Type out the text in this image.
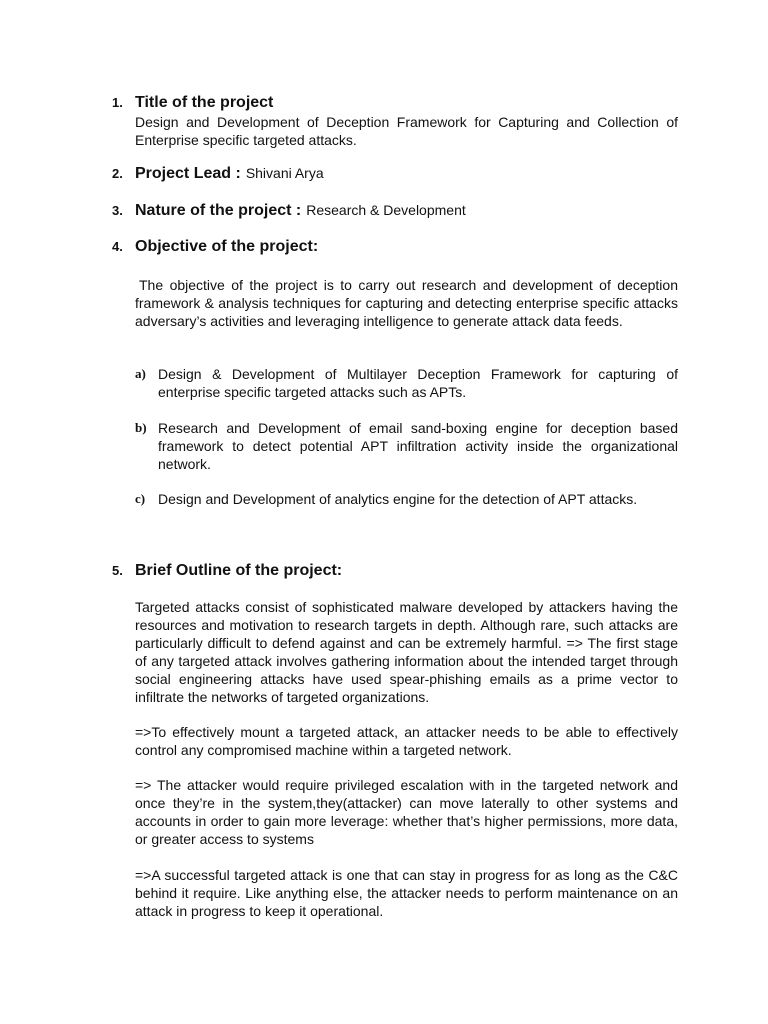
1. Title of the project
Design and Development of Deception Framework for Capturing and Collection of Enterprise specific targeted attacks.
2. Project Lead : Shivani Arya
3. Nature of the project : Research & Development
4. Objective of the project:
The objective of the project is to carry out research and development of deception framework & analysis techniques for capturing and detecting enterprise specific attacks adversary’s activities and leveraging intelligence to generate attack data feeds.
a) Design & Development of Multilayer Deception Framework for capturing of enterprise specific targeted attacks such as APTs.
b) Research and Development of email sand-boxing engine for deception based framework to detect potential APT infiltration activity inside the organizational network.
c) Design and Development of analytics engine for the detection of APT attacks.
5. Brief Outline of the project:
Targeted attacks consist of sophisticated malware developed by attackers having the resources and motivation to research targets in depth. Although rare, such attacks are particularly difficult to defend against and can be extremely harmful. => The first stage of any targeted attack involves gathering information about the intended target through social engineering attacks have used spear-phishing emails as a prime vector to infiltrate the networks of targeted organizations.
=>To effectively mount a targeted attack, an attacker needs to be able to effectively control any compromised machine within a targeted network.
=> The attacker would require privileged escalation with in the targeted network and once they’re in the system,they(attacker) can move laterally to other systems and accounts in order to gain more leverage: whether that’s higher permissions, more data, or greater access to systems
=>A successful targeted attack is one that can stay in progress for as long as the C&C behind it require. Like anything else, the attacker needs to perform maintenance on an attack in progress to keep it operational.
